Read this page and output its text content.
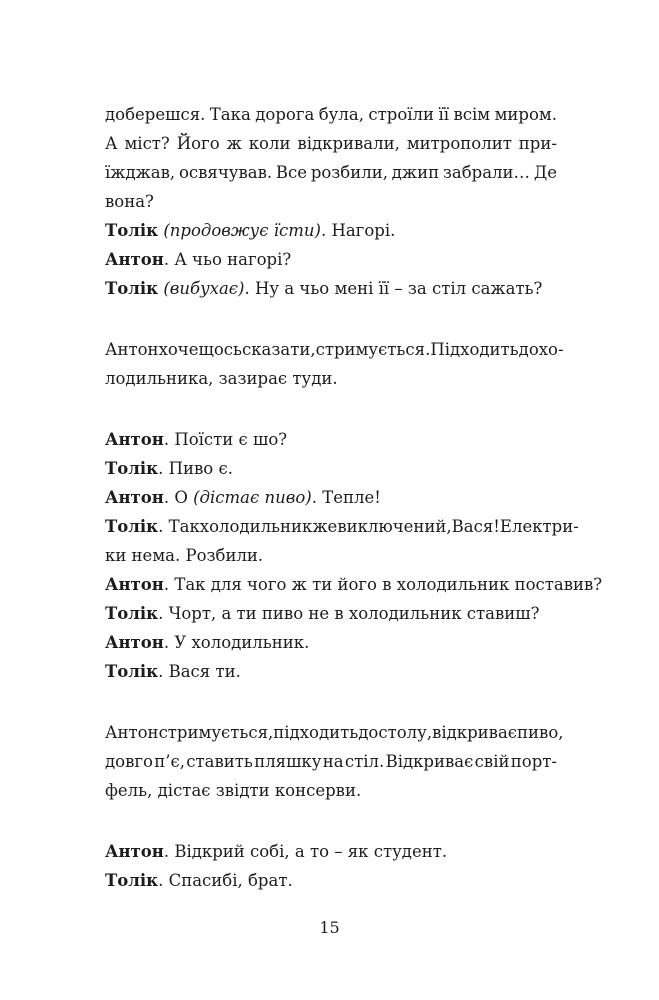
доберешся. Така дорога була, строїли її всім миром.
А міст? Його ж коли відкривали, митрополит при-
їжджав, освячував. Все розбили, джип забрали… Де
вона?
Толік (продовжує їсти). Нагорі.
Антон. А чьо нагорі?
Толік (вибухає). Ну а чьо мені її – за стіл сажать?
Антон хоче щось сказати, стримується. Підходить до хо-
лодильника, зазирає туди.
Антон. Поїсти є шо?
Толік. Пиво є.
Антон. О (дістає пиво). Тепле!
Толік. Так холодильник же виключений, Вася! Електри-
ки нема. Розбили.
Антон. Так для чого ж ти його в холодильник поставив?
Толік. Чорт, а ти пиво не в холодильник ставиш?
Антон. У холодильник.
Толік. Вася ти.
Антон стримується, підходить до столу, відкриває пиво,
довго п’є, ставить пляшку на стіл. Відкриває свій порт-
фель, дістає звідти консерви.
Антон. Відкрий собі, а то – як студент.
Толік. Спасибі, брат.
15
